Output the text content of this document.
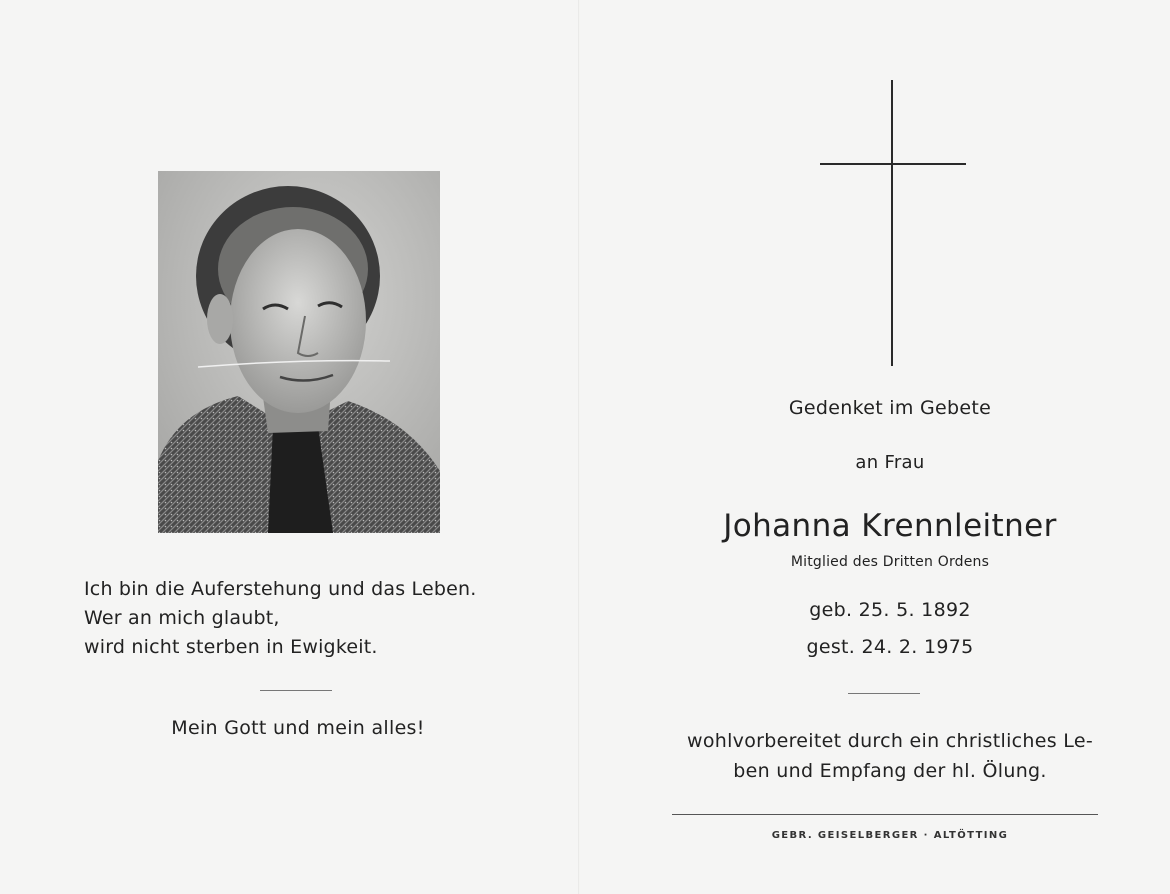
Ich bin die Auferstehung und das Leben.
Wer an mich glaubt,
wird nicht sterben in Ewigkeit.
Mein Gott und mein alles!
Gedenket im Gebete
an Frau
Johanna Krennleitner
Mitglied des Dritten Ordens
geb. 25. 5. 1892
gest. 24. 2. 1975
wohlvorbereitet durch ein christliches Le-
ben und Empfang der hl. Ölung.
GEBR. GEISELBERGER · ALTÖTTING
